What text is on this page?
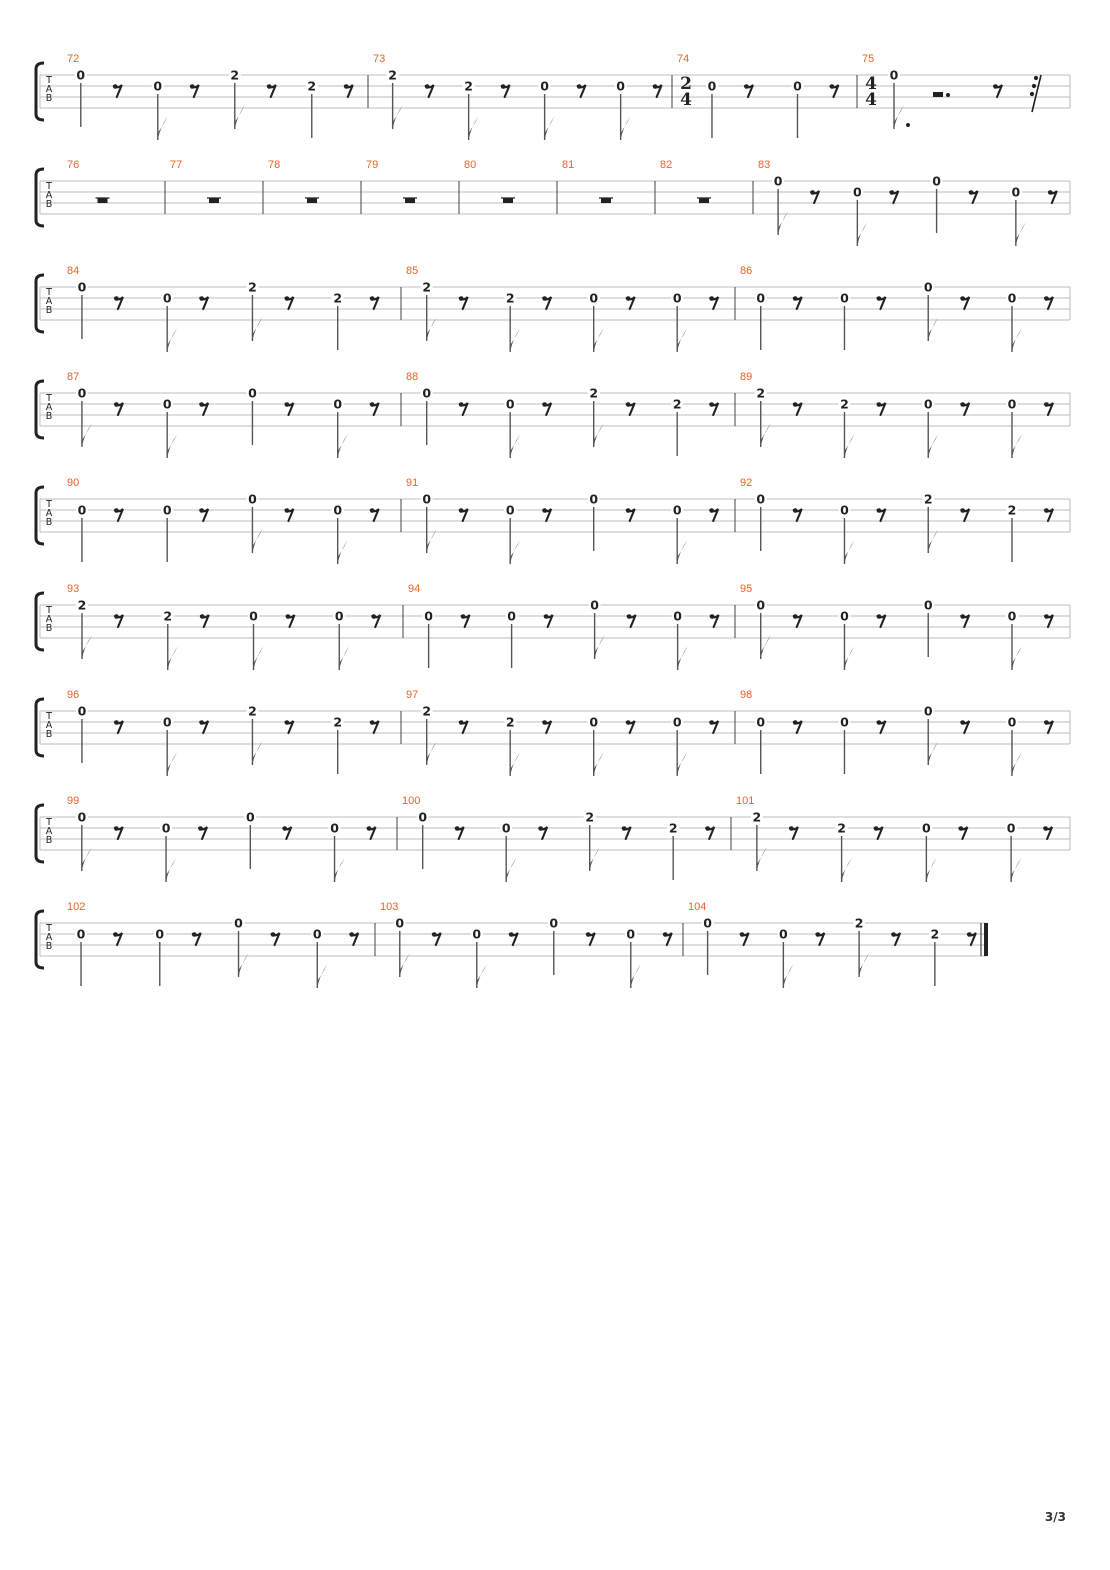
T
A
B
72
0
0
2
2
73
2
2	0	0
74
2
4
0	0
75
4
4
0
T
A
B
76	77	78	79	80	81	82	83
0
0
0
0
T
A
B
84
0
0
2
2
85
2
2	0	0
86
0	0
0
0
T
A
B
87
0
0
0
0
88
0
0
2
2
89
2
2	0	0
T
A
B
90
0	0
0
0
91
0
0
0
0
92
0
0
2
2
T
A
B
93
2
2	0	0
94
0	0
0
0
95
0
0
0
0
T
A
B
96
0
0
2
2
97
2
2	0	0
98
0	0
0
0
T
A
B
99
0
0
0
0
100
0
0
2
2
101
2
2	0	0
T
A
B
102
0	0
0
0
103
0
0
0
0
104
0
0
2
2
3/3
